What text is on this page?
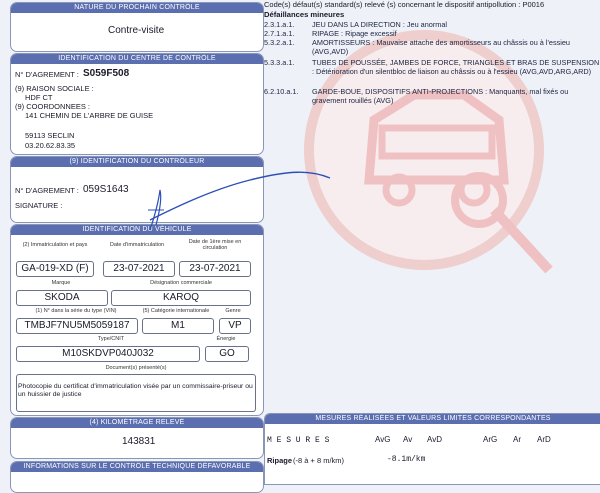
NATURE DU PROCHAIN CONTRÔLE
Contre-visite
IDENTIFICATION DU CENTRE DE CONTRÔLE
N° D'AGREMENT : S059F508
(9) RAISON SOCIALE :
HDF CT
(9) COORDONNEES :
141 CHEMIN DE L'ARBRE DE GUISE
59113 SECLIN
03.20.62.83.35
(9) IDENTIFICATION DU CONTRÔLEUR
N° D'AGREMENT : 059S1643
SIGNATURE :
IDENTIFICATION DU VÉHICULE
(2) Immatriculation et pays	Date d'immatriculation	Date de 1ère mise en circulation
GA-019-XD (F)	23-07-2021	23-07-2021
Marque	Désignation commerciale
SKODA	KAROQ
(1) N° dans la série du type (VIN)	(5) Catégorie internationale	Genre
TMBJF7NU5M5059187	M1	VP
Type/CNIT	Énergie
M10SKDVP040J032	GO
Document(s) présenté(s)
Photocopie du certificat d'immatriculation visée par un commissaire-priseur ou un huissier de justice
(4) KILOMÉTRAGE RELEVÉ
143831
INFORMATIONS SUR LE CONTRÔLE TECHNIQUE DÉFAVORABLE
Code(s) défaut(s) standard(s) relevé (s) concernant le dispositif antipollution : P0016
Défaillances mineures
2.3.1.a.1.	JEU DANS LA DIRECTION : Jeu anormal
2.7.1.a.1.	RIPAGE : Ripage excessif
5.3.2.a.1.	AMORTISSEURS : Mauvaise attache des amortisseurs au châssis ou à l'essieu (AVG,AVD)
5.3.3.a.1.	TUBES DE POUSSÉE, JAMBES DE FORCE, TRIANGLES ET BRAS DE SUSPENSION : Détérioration d'un silentbloc de liaison au châssis ou à l'essieu (AVG,AVD,ARG,ARD)
6.2.10.a.1.	GARDE-BOUE, DISPOSITIFS ANTI-PROJECTIONS : Manquants, mal fixés ou gravement rouillés (AVG)
MESURES RÉALISÉES ET VALEURS LIMITES CORRESPONDANTES
M E S U R E S	AvG Av AvD	ArG Ar ArD
Ripage (-8 à + 8 m/km)	-8.1m/km
